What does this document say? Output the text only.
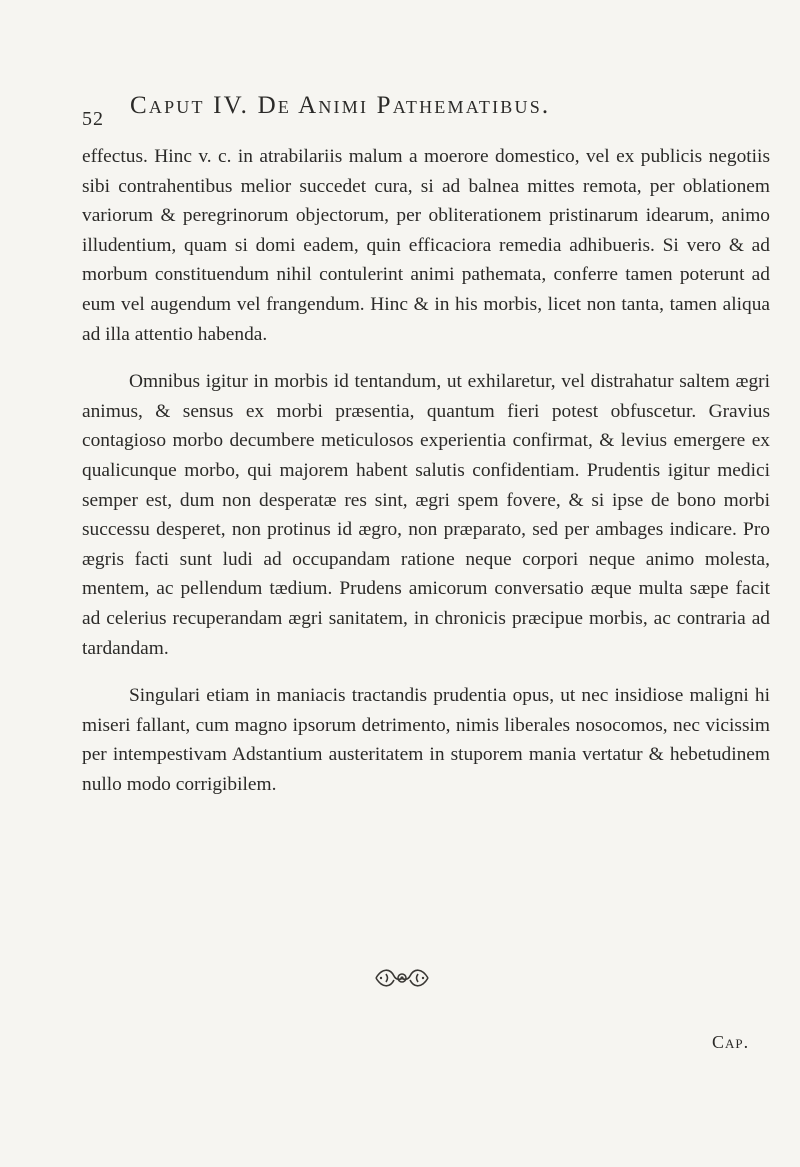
52 Caput IV. De Animi Pathematibus.

effectus. Hinc v. c. in atrabilariis malum a moerore domestico, vel ex publicis negotiis sibi contrahentibus melior succedet cura, si ad balnea mittes remota, per oblationem variorum & peregrinorum objectorum, per obliterationem pristinarum idearum, animo illudentium, quam si domi eadem, quin efficaciora remedia adhibueris. Si vero & ad morbum constituendum nihil contulerint animi pathemata, conferre tamen poterunt ad eum vel augendum vel frangendum. Hinc & in his morbis, licet non tanta, tamen aliqua ad illa attentio habenda.

Omnibus igitur in morbis id tentandum, ut exhilaretur, vel distrahatur saltem ægri animus, & sensus ex morbi præsentia, quantum fieri potest obfuscetur. Gravius contagioso morbo decumbere meticulosos experientia confirmat, & levius emergere ex qualicunque morbo, qui majorem habent salutis confidentiam. Prudentis igitur medici semper est, dum non desperatæ res sint, ægri spem fovere, & si ipse de bono morbi successu desperet, non protinus id ægro, non præparato, sed per ambages indicare. Pro ægris facti sunt ludi ad occupandam ratione neque corpori neque animo molesta, mentem, ac pellendum tædium. Prudens amicorum conversatio æque multa sæpe facit ad celerius recuperandam ægri sanitatem, in chronicis præcipue morbis, ac contraria ad tardandam.

Singulari etiam in maniacis tractandis prudentia opus, ut nec insidiose maligni hi miseri fallant, cum magno ipsorum detrimento, nimis liberales nosocomos, nec vicissim per intempestivam Adstantium austeritatem in stuporem mania vertatur & hebetudinem nullo modo corrigibilem.

Cap.
